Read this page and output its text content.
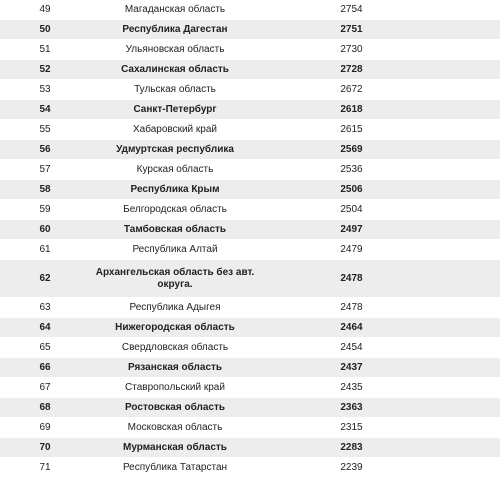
49	Магаданская область	2754	
50	Республика Дагестан	2751	
51	Ульяновская область	2730	
52	Сахалинская область	2728	
53	Тульская область	2672	
54	Санкт-Петербург	2618	
55	Хабаровский край	2615	
56	Удмуртская республика	2569	
57	Курская область	2536	
58	Республика Крым	2506	
59	Белгородская область	2504	
60	Тамбовская область	2497	
61	Республика Алтай	2479	
62	Архангельская область без авт. округа.	2478	
63	Республика Адыгея	2478	
64	Нижегородская область	2464	
65	Свердловская область	2454	
66	Рязанская область	2437	
67	Ставропольский край	2435	
68	Ростовская область	2363	
69	Московская область	2315	
70	Мурманская область	2283	
71	Республика Татарстан	2239	
